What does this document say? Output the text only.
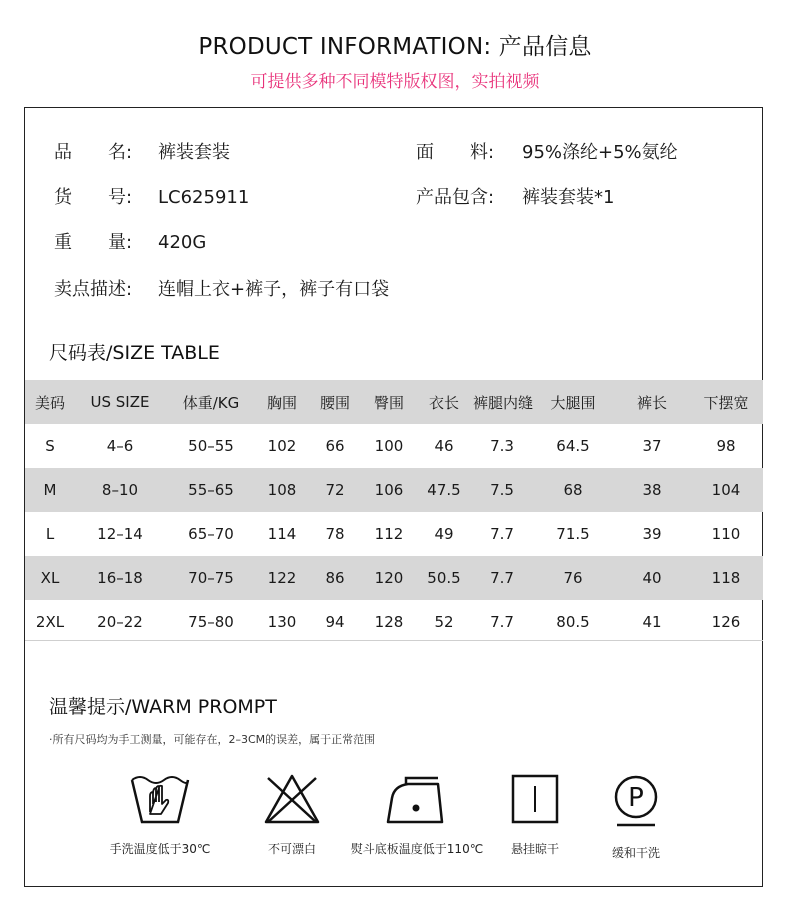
PRODUCT INFORMATION: 产品信息
可提供多种不同模特版权图，实拍视频
品　　名: 裤装套装	面　　料: 95%涤纶+5%氨纶
货　　号: LC625911	产品包含: 裤装套装*1
重　　量: 420G
卖点描述: 连帽上衣+裤子，裤子有口袋
尺码表/SIZE TABLE
美码	US SIZE	体重/KG	胸围	腰围	臀围	衣长	裤腿内缝	大腿围	裤长	下摆宽
S	4–6	50–55	102	66	100	46	7.3	64.5	37	98
M	8–10	55–65	108	72	106	47.5	7.5	68	38	104
L	12–14	65–70	114	78	112	49	7.7	71.5	39	110
XL	16–18	70–75	122	86	120	50.5	7.7	76	40	118
2XL	20–22	75–80	130	94	128	52	7.7	80.5	41	126
温馨提示/WARM PROMPT
·所有尺码均为手工测量，可能存在，2–3CM的误差，属于正常范围
手洗温度低于30℃	不可漂白	熨斗底板温度低于110℃	悬挂晾干
P
缓和干洗
